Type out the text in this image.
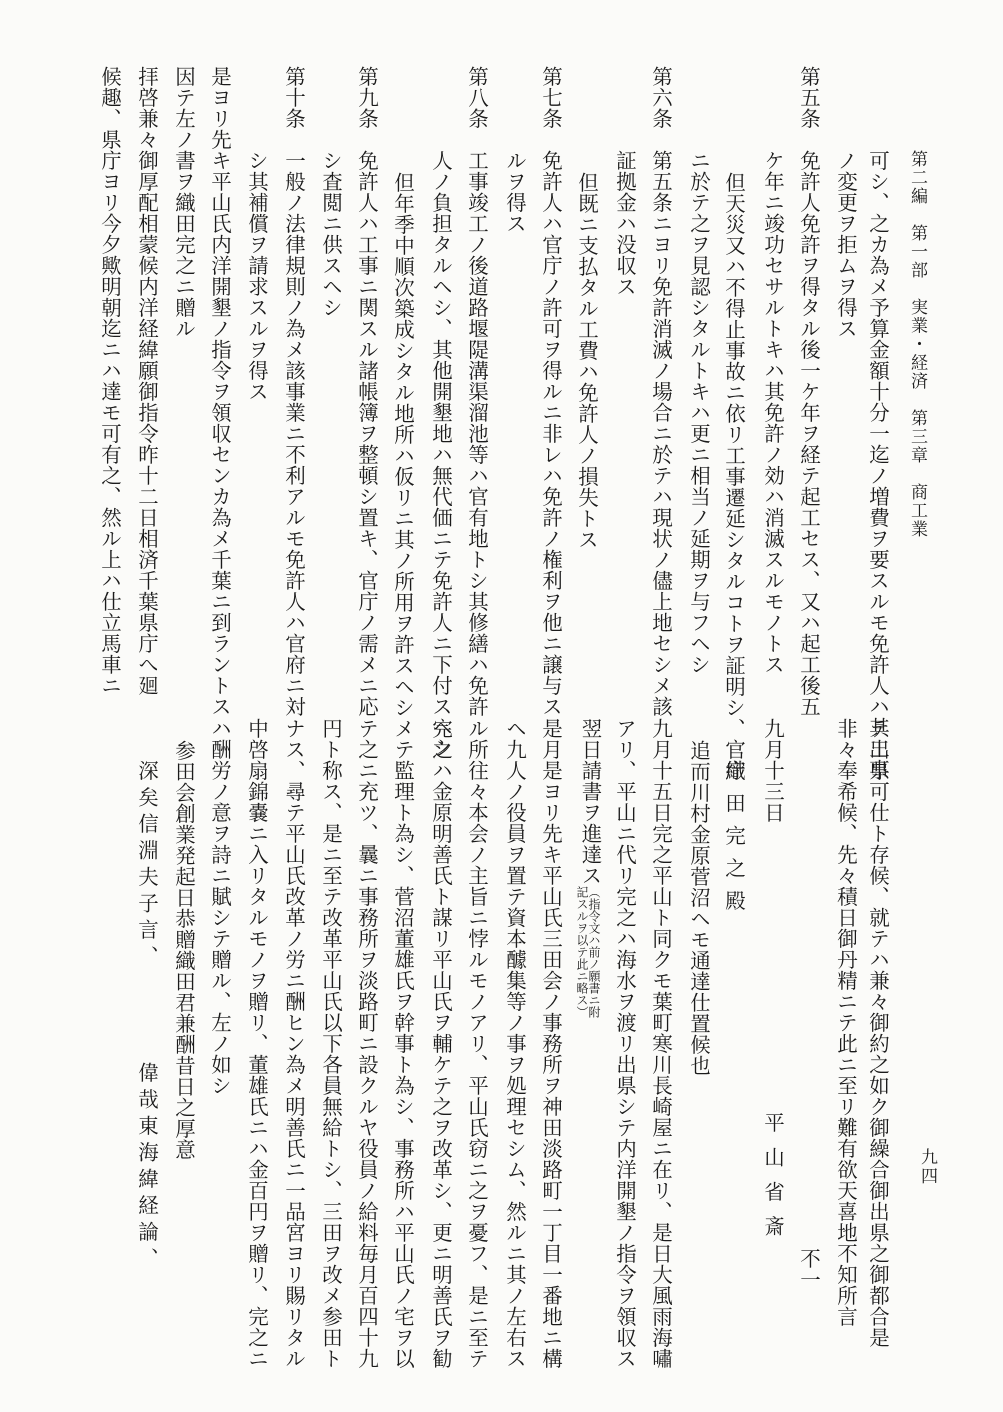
第二編　第一部　実業・経済　第三章　商工業
九四
可シ、之カ為メ予算金額十分一迄ノ増費ヲ要スルモ免許人ハ其工事
ノ変更ヲ拒ムヲ得ス
第五条　免許人免許ヲ得タル後一ケ年ヲ経テ起工セス、又ハ起工後五
ケ年ニ竣功セサルトキハ其免許ノ効ハ消滅スルモノトス
但天災又ハ不得止事故ニ依リ工事遷延シタルコトヲ証明シ、官庁
ニ於テ之ヲ見認シタルトキハ更ニ相当ノ延期ヲ与フヘシ
第六条　第五条ニヨリ免許消滅ノ場合ニ於テハ現状ノ儘上地セシメ該
証拠金ハ没収ス
但既ニ支払タル工費ハ免許人ノ損失トス
第七条　免許人ハ官庁ノ許可ヲ得ルニ非レハ免許ノ権利ヲ他ニ譲与ス
ルヲ得ス
第八条　工事竣工ノ後道路堰隄溝渠溜池等ハ官有地トシ其修繕ハ免許
人ノ負担タルヘシ、其他開墾地ハ無代価ニテ免許人ニ下付スヘシ
但年季中順次築成シタル地所ハ仮リニ其ノ所用ヲ許スヘシ
第九条　免許人ハ工事ニ関スル諸帳簿ヲ整頓シ置キ、官庁ノ需メニ応
シ査閲ニ供スヘシ
第十条　一般ノ法律規則ノ為メ該事業ニ不利アルモ免許人ハ官府ニ対
シ其補償ヲ請求スルヲ得ス
是ヨリ先キ平山氏内洋開墾ノ指令ヲ領収センカ為メ千葉ニ到ラントス
因テ左ノ書ヲ織田完之ニ贈ル
拝啓兼々御厚配相蒙候内洋経緯願御指令昨十二日相済千葉県庁へ廻
候趣、県庁ヨリ今夕歟明朝迄ニハ達モ可有之、然ル上ハ仕立馬車ニ
テ出県可仕ト存候、就テハ兼々御約之如ク御繰合御出県之御都合是
非々奉希候、先々積日御丹精ニテ此ニ至リ難有欲天喜地不知所言
不一
九月十三日
平山省斎
織田完之殿
追而川村金原菅沼ヘモ通達仕置候也
九月十五日完之平山ト同クモ葉町寒川長崎屋ニ在リ、是日大風雨海嘯
アリ、平山ニ代リ完之ハ海水ヲ渡リ出県シテ内洋開墾ノ指令ヲ領収ス
翌日請書ヲ進達ス
（指令文ハ前ノ願書ニ附
記スルヲ以テ此ニ略ス）
是月是ヨリ先キ平山氏三田会ノ事務所ヲ神田淡路町一丁目一番地ニ構
ヘ九人ノ役員ヲ置テ資本醵集等ノ事ヲ処理セシム、然ルニ其ノ左右ス
ル所往々本会ノ主旨ニ悖ルモノアリ、平山氏窃ニ之ヲ憂フ、是ニ至テ
完之ハ金原明善氏ト謀リ平山氏ヲ輔ケテ之ヲ改革シ、更ニ明善氏ヲ勧
メテ監理ト為シ、菅沼董雄氏ヲ幹事ト為シ、事務所ハ平山氏ノ宅ヲ以
テ之ニ充ツ、曩ニ事務所ヲ淡路町ニ設クルヤ役員ノ給料毎月百四十九
円ト称ス、是ニ至テ改革平山氏以下各員無給トシ、三田ヲ改メ参田ト
ナス、尋テ平山氏改革ノ労ニ酬ヒン為メ明善氏ニ一品宮ヨリ賜リタル
中啓扇錦嚢ニ入リタルモノヲ贈リ、董雄氏ニハ金百円ヲ贈リ、完之ニ
ハ酬労ノ意ヲ詩ニ賦シテ贈ル、左ノ如シ
参田会創業発起日恭贈織田君兼酬昔日之厚意
深矣信淵夫子言、
偉哉東海緯経論、
